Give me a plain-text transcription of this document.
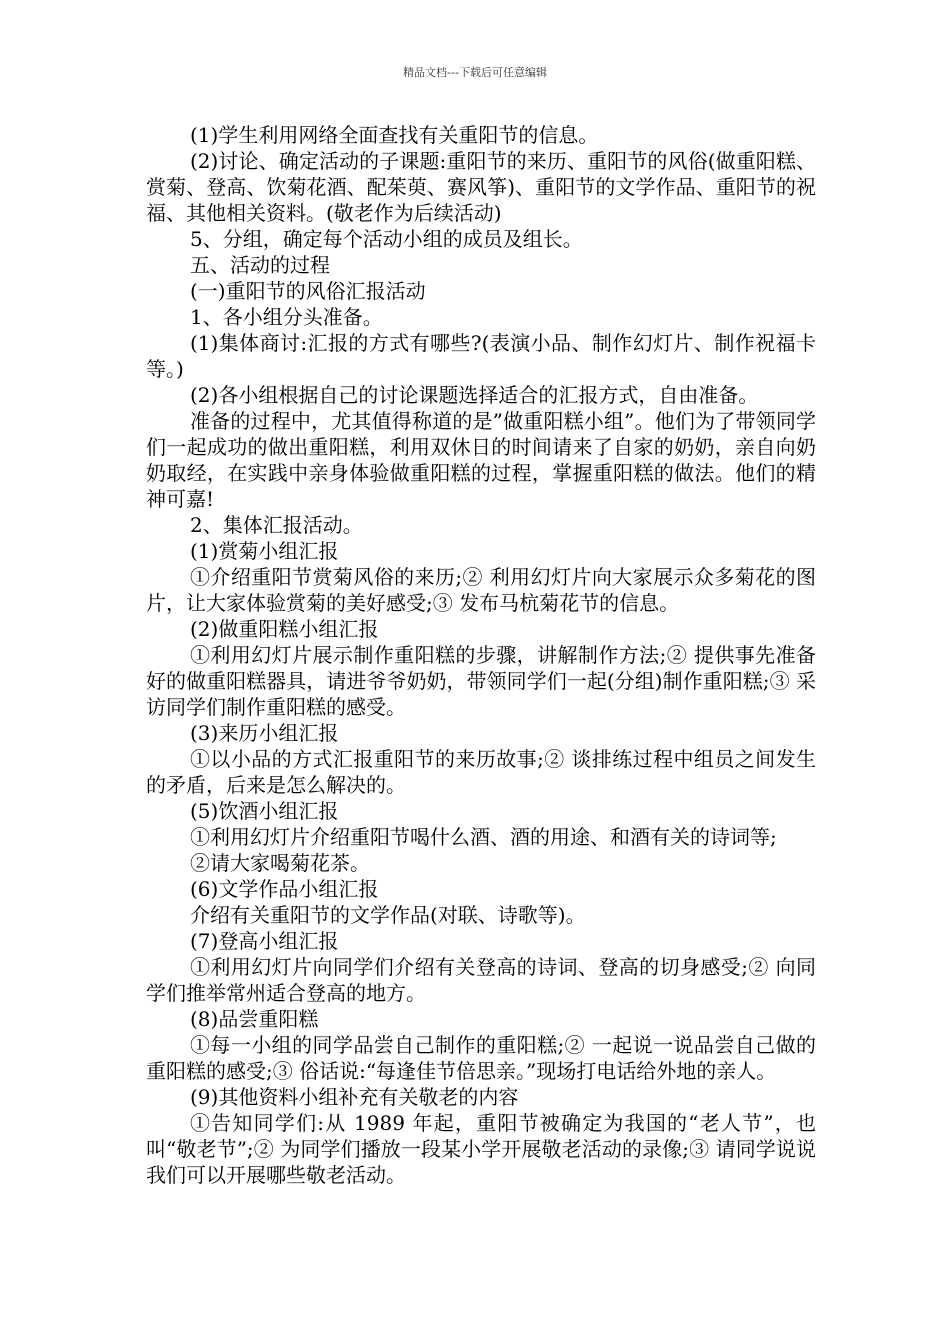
精品文档---下载后可任意编辑

(1)学生利用网络全面查找有关重阳节的信息。

(2)讨论、确定活动的子课题:重阳节的来历、重阳节的风俗(做重阳糕、赏菊、登高、饮菊花酒、配茱萸、赛风筝)、重阳节的文学作品、重阳节的祝福、其他相关资料。(敬老作为后续活动)

5、分组，确定每个活动小组的成员及组长。

五、活动的过程

(一)重阳节的风俗汇报活动

1、各小组分头准备。

(1)集体商讨:汇报的方式有哪些?(表演小品、制作幻灯片、制作祝福卡等。)

(2)各小组根据自己的讨论课题选择适合的汇报方式，自由准备。

准备的过程中，尤其值得称道的是”做重阳糕小组”。他们为了带领同学们一起成功的做出重阳糕，利用双休日的时间请来了自家的奶奶，亲自向奶奶取经，在实践中亲身体验做重阳糕的过程，掌握重阳糕的做法。他们的精神可嘉!

2、集体汇报活动。

(1)赏菊小组汇报

①介绍重阳节赏菊风俗的来历;② 利用幻灯片向大家展示众多菊花的图片，让大家体验赏菊的美好感受;③ 发布马杭菊花节的信息。

(2)做重阳糕小组汇报

①利用幻灯片展示制作重阳糕的步骤，讲解制作方法;② 提供事先准备好的做重阳糕器具，请进爷爷奶奶，带领同学们一起(分组)制作重阳糕;③ 采访同学们制作重阳糕的感受。

(3)来历小组汇报

①以小品的方式汇报重阳节的来历故事;② 谈排练过程中组员之间发生的矛盾，后来是怎么解决的。

(5)饮酒小组汇报

①利用幻灯片介绍重阳节喝什么酒、酒的用途、和酒有关的诗词等;

②请大家喝菊花茶。

(6)文学作品小组汇报

介绍有关重阳节的文学作品(对联、诗歌等)。

(7)登高小组汇报

①利用幻灯片向同学们介绍有关登高的诗词、登高的切身感受;② 向同学们推举常州适合登高的地方。

(8)品尝重阳糕

①每一小组的同学品尝自己制作的重阳糕;② 一起说一说品尝自己做的重阳糕的感受;③ 俗话说:“每逢佳节倍思亲。”现场打电话给外地的亲人。

(9)其他资料小组补充有关敬老的内容

①告知同学们:从 1989 年起，重阳节被确定为我国的“老人节”，也叫“敬老节”;② 为同学们播放一段某小学开展敬老活动的录像;③ 请同学说说我们可以开展哪些敬老活动。
